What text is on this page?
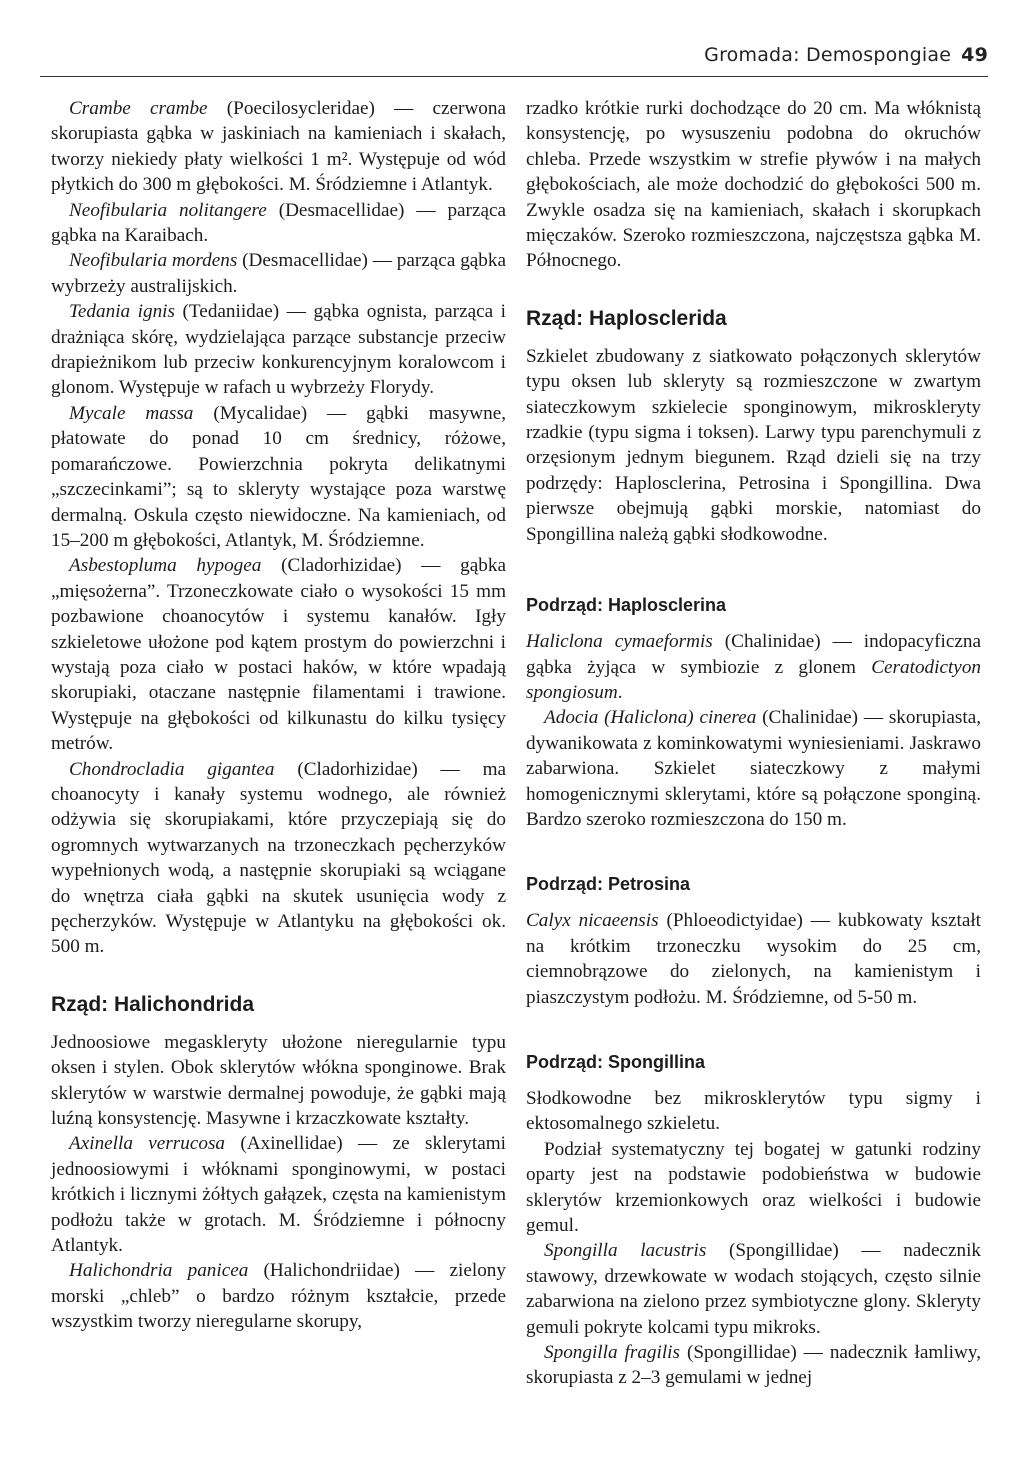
Gromada: Demospongiae 49

Crambe crambe (Poecilosycleridae) — czerwona skorupiasta gąbka w jaskiniach na kamieniach i skałach, tworzy niekiedy płaty wielkości 1 m². Występuje od wód płytkich do 300 m głębokości. M. Śródziemne i Atlantyk.

Neofibularia nolitangere (Desmacellidae) — parząca gąbka na Karaibach.

Neofibularia mordens (Desmacellidae) — parząca gąbka wybrzeży australijskich.

Tedania ignis (Tedaniidae) — gąbka ognista, parząca i drażniąca skórę, wydzielająca parzące substancje przeciw drapieżnikom lub przeciw konkurencyjnym koralowcom i glonom. Występuje w rafach u wybrzeży Florydy.

Mycale massa (Mycalidae) — gąbki masywne, płatowate do ponad 10 cm średnicy, różowe, pomarańczowe. Powierzchnia pokryta delikatnymi „szczecinkami”; są to skleryty wystające poza warstwę dermalną. Oskula często niewidoczne. Na kamieniach, od 15–200 m głębokości, Atlantyk, M. Śródziemne.

Asbestopluma hypogea (Cladorhizidae) — gąbka „mięsożerna”. Trzoneczkowate ciało o wysokości 15 mm pozbawione choanocytów i systemu kanałów. Igły szkieletowe ułożone pod kątem prostym do powierzchni i wystają poza ciało w postaci haków, w które wpadają skorupiaki, otaczane następnie filamentami i trawione. Występuje na głębokości od kilkunastu do kilku tysięcy metrów.

Chondrocladia gigantea (Cladorhizidae) — ma choanocyty i kanały systemu wodnego, ale również odżywia się skorupiakami, które przyczepiają się do ogromnych wytwarzanych na trzoneczkach pęcherzyków wypełnionych wodą, a następnie skorupiaki są wciągane do wnętrza ciała gąbki na skutek usunięcia wody z pęcherzyków. Występuje w Atlantyku na głębokości ok. 500 m.

Rząd: Halichondrida

Jednoosiowe megaskleryty ułożone nieregularnie typu oksen i stylen. Obok sklerytów włókna sponginowe. Brak sklerytów w warstwie dermalnej powoduje, że gąbki mają luźną konsystencję. Masywne i krzaczkowate kształty.

Axinella verrucosa (Axinellidae) — ze sklerytami jednoosiowymi i włóknami sponginowymi, w postaci krótkich i licznymi żółtych gałązek, częsta na kamienistym podłożu także w grotach. M. Śródziemne i północny Atlantyk.

Halichondria panicea (Halichondriidae) — zielony morski „chleb” o bardzo różnym kształcie, przede wszystkim tworzy nieregularne skorupy,

rzadko krótkie rurki dochodzące do 20 cm. Ma włóknistą konsystencję, po wysuszeniu podobna do okruchów chleba. Przede wszystkim w strefie pływów i na małych głębokościach, ale może dochodzić do głębokości 500 m. Zwykle osadza się na kamieniach, skałach i skorupkach mięczaków. Szeroko rozmieszczona, najczęstsza gąbka M. Północnego.

Rząd: Haplosclerida

Szkielet zbudowany z siatkowato połączonych sklerytów typu oksen lub skleryty są rozmieszczone w zwartym siateczkowym szkielecie sponginowym, mikroskleryty rzadkie (typu sigma i toksen). Larwy typu parenchymuli z orzęsionym jednym biegunem. Rząd dzieli się na trzy podrzędy: Haplosclerina, Petrosina i Spongillina. Dwa pierwsze obejmują gąbki morskie, natomiast do Spongillina należą gąbki słodkowodne.

Podrząd: Haplosclerina

Haliclona cymaeformis (Chalinidae) — indopacyficzna gąbka żyjąca w symbiozie z glonem Ceratodictyon spongiosum.

Adocia (Haliclona) cinerea (Chalinidae) — skorupiasta, dywanikowata z kominkowatymi wyniesieniami. Jaskrawo zabarwiona. Szkielet siateczkowy z małymi homogenicznymi sklerytami, które są połączone sponginą. Bardzo szeroko rozmieszczona do 150 m.

Podrząd: Petrosina

Calyx nicaeensis (Phloeodictyidae) — kubkowaty kształt na krótkim trzoneczku wysokim do 25 cm, ciemnobrązowe do zielonych, na kamienistym i piaszczystym podłożu. M. Śródziemne, od 5-50 m.

Podrząd: Spongillina

Słodkowodne bez mikrosklerytów typu sigmy i ektosomalnego szkieletu.

Podział systematyczny tej bogatej w gatunki rodziny oparty jest na podstawie podobieństwa w budowie sklerytów krzemionkowych oraz wielkości i budowie gemul.

Spongilla lacustris (Spongillidae) — nadecznik stawowy, drzewkowate w wodach stojących, często silnie zabarwiona na zielono przez symbiotyczne glony. Skleryty gemuli pokryte kolcami typu mikroks.

Spongilla fragilis (Spongillidae) — nadecznik łamliwy, skorupiasta z 2–3 gemulami w jednej
